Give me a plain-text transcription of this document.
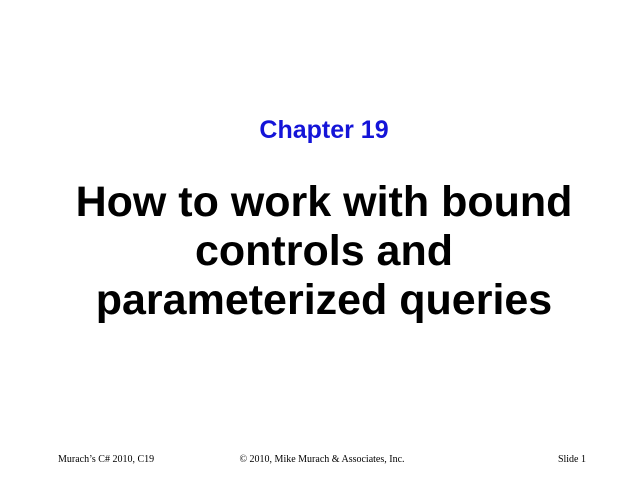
Chapter 19
How to work with bound
controls and
parameterized queries
Murach’s C# 2010, C19	© 2010, Mike Murach & Associates, Inc.	Slide 1
